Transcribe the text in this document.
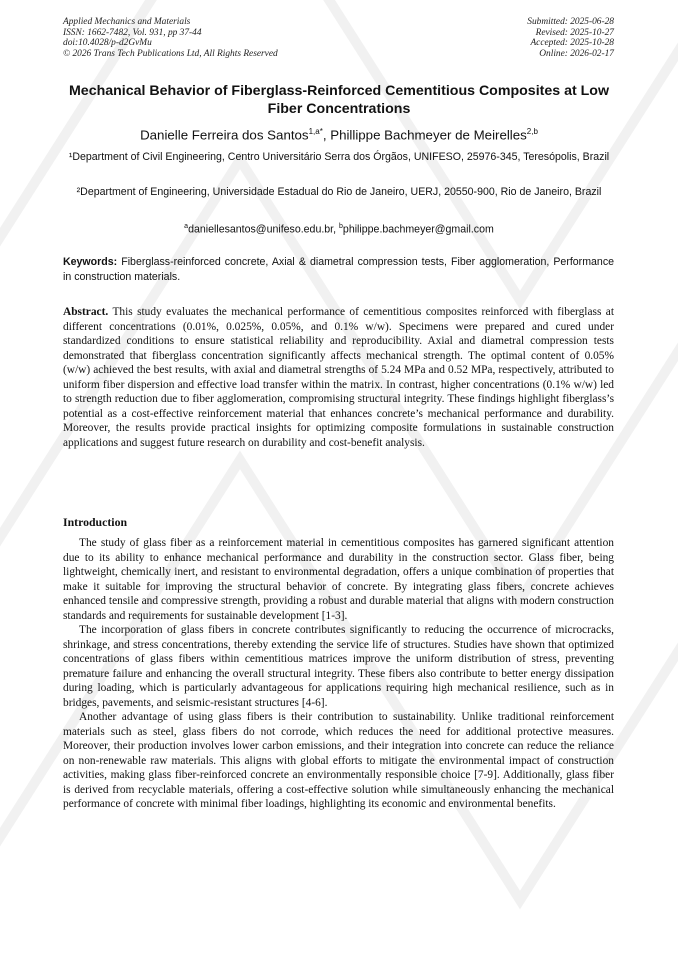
Applied Mechanics and Materials
ISSN: 1662-7482, Vol. 931, pp 37-44
doi:10.4028/p-d2GvMu
© 2026 Trans Tech Publications Ltd, All Rights Reserved
Submitted: 2025-06-28
Revised: 2025-10-27
Accepted: 2025-10-28
Online: 2026-02-17
Mechanical Behavior of Fiberglass-Reinforced Cementitious Composites at Low Fiber Concentrations
Danielle Ferreira dos Santos$^{1,a*}$, Phillippe Bachmeyer de Meirelles$^{2,b}$
¹Department of Civil Engineering, Centro Universitário Serra dos Órgãos, UNIFESO, 25976-345, Teresópolis, Brazil
²Department of Engineering, Universidade Estadual do Rio de Janeiro, UERJ, 20550-900, Rio de Janeiro, Brazil
$^a$daniellesantos@unifeso.edu.br, $^b$philippe.bachmeyer@gmail.com
Keywords: Fiberglass-reinforced concrete, Axial & diametral compression tests, Fiber agglomeration, Performance in construction materials.
Abstract. This study evaluates the mechanical performance of cementitious composites reinforced with fiberglass at different concentrations (0.01%, 0.025%, 0.05%, and 0.1% w/w). Specimens were prepared and cured under standardized conditions to ensure statistical reliability and reproducibility. Axial and diametral compression tests demonstrated that fiberglass concentration significantly affects mechanical strength. The optimal content of 0.05% (w/w) achieved the best results, with axial and diametral strengths of 5.24 MPa and 0.52 MPa, respectively, attributed to uniform fiber dispersion and effective load transfer within the matrix. In contrast, higher concentrations (0.1% w/w) led to strength reduction due to fiber agglomeration, compromising structural integrity. These findings highlight fiberglass’s potential as a cost-effective reinforcement material that enhances concrete’s mechanical performance and durability. Moreover, the results provide practical insights for optimizing composite formulations in sustainable construction applications and suggest future research on durability and cost-benefit analysis.
Introduction

The study of glass fiber as a reinforcement material in cementitious composites has garnered significant attention due to its ability to enhance mechanical performance and durability in the construction sector. Glass fiber, being lightweight, chemically inert, and resistant to environmental degradation, offers a unique combination of properties that make it suitable for improving the structural behavior of concrete. By integrating glass fibers, concrete achieves enhanced tensile and compressive strength, providing a robust and durable material that aligns with modern construction standards and requirements for sustainable development [1-3].

The incorporation of glass fibers in concrete contributes significantly to reducing the occurrence of microcracks, shrinkage, and stress concentrations, thereby extending the service life of structures. Studies have shown that optimized concentrations of glass fibers within cementitious matrices improve the uniform distribution of stress, preventing premature failure and enhancing the overall structural integrity. These fibers also contribute to better energy dissipation during loading, which is particularly advantageous for applications requiring high mechanical resilience, such as in bridges, pavements, and seismic-resistant structures [4-6].

Another advantage of using glass fibers is their contribution to sustainability. Unlike traditional reinforcement materials such as steel, glass fibers do not corrode, which reduces the need for additional protective measures. Moreover, their production involves lower carbon emissions, and their integration into concrete can reduce the reliance on non-renewable raw materials. This aligns with global efforts to mitigate the environmental impact of construction activities, making glass fiber-reinforced concrete an environmentally responsible choice [7-9]. Additionally, glass fiber is derived from recyclable materials, offering a cost-effective solution while simultaneously enhancing the mechanical performance of concrete with minimal fiber loadings, highlighting its economic and environmental benefits.
